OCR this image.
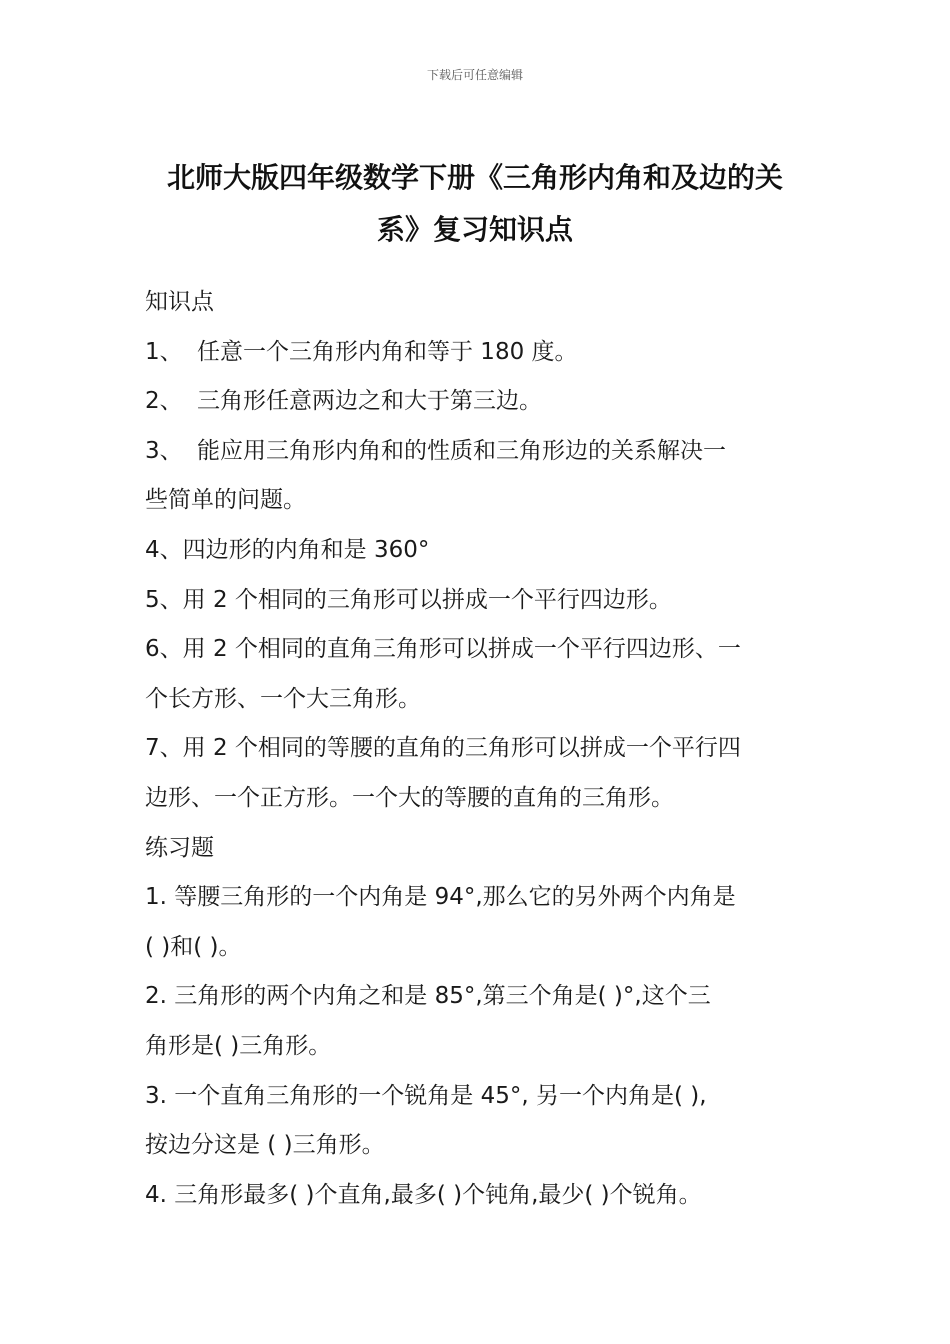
下载后可任意编辑
北师大版四年级数学下册《三角形内角和及边的关
系》复习知识点
知识点
1、 任意一个三角形内角和等于 180 度。
2、 三角形任意两边之和大于第三边。
3、 能应用三角形内角和的性质和三角形边的关系解决一
些简单的问题。
4、四边形的内角和是 360°
5、用 2 个相同的三角形可以拼成一个平行四边形。
6、用 2 个相同的直角三角形可以拼成一个平行四边形、一
个长方形、一个大三角形。
7、用 2 个相同的等腰的直角的三角形可以拼成一个平行四
边形、一个正方形。一个大的等腰的直角的三角形。
练习题
1. 等腰三角形的一个内角是 94°,那么它的另外两个内角是
( )和( )。
2. 三角形的两个内角之和是 85°,第三个角是( )°,这个三
角形是( )三角形。
3. 一个直角三角形的一个锐角是 45°, 另一个内角是( ),
按边分这是 ( )三角形。
4. 三角形最多( )个直角,最多( )个钝角,最少( )个锐角。
